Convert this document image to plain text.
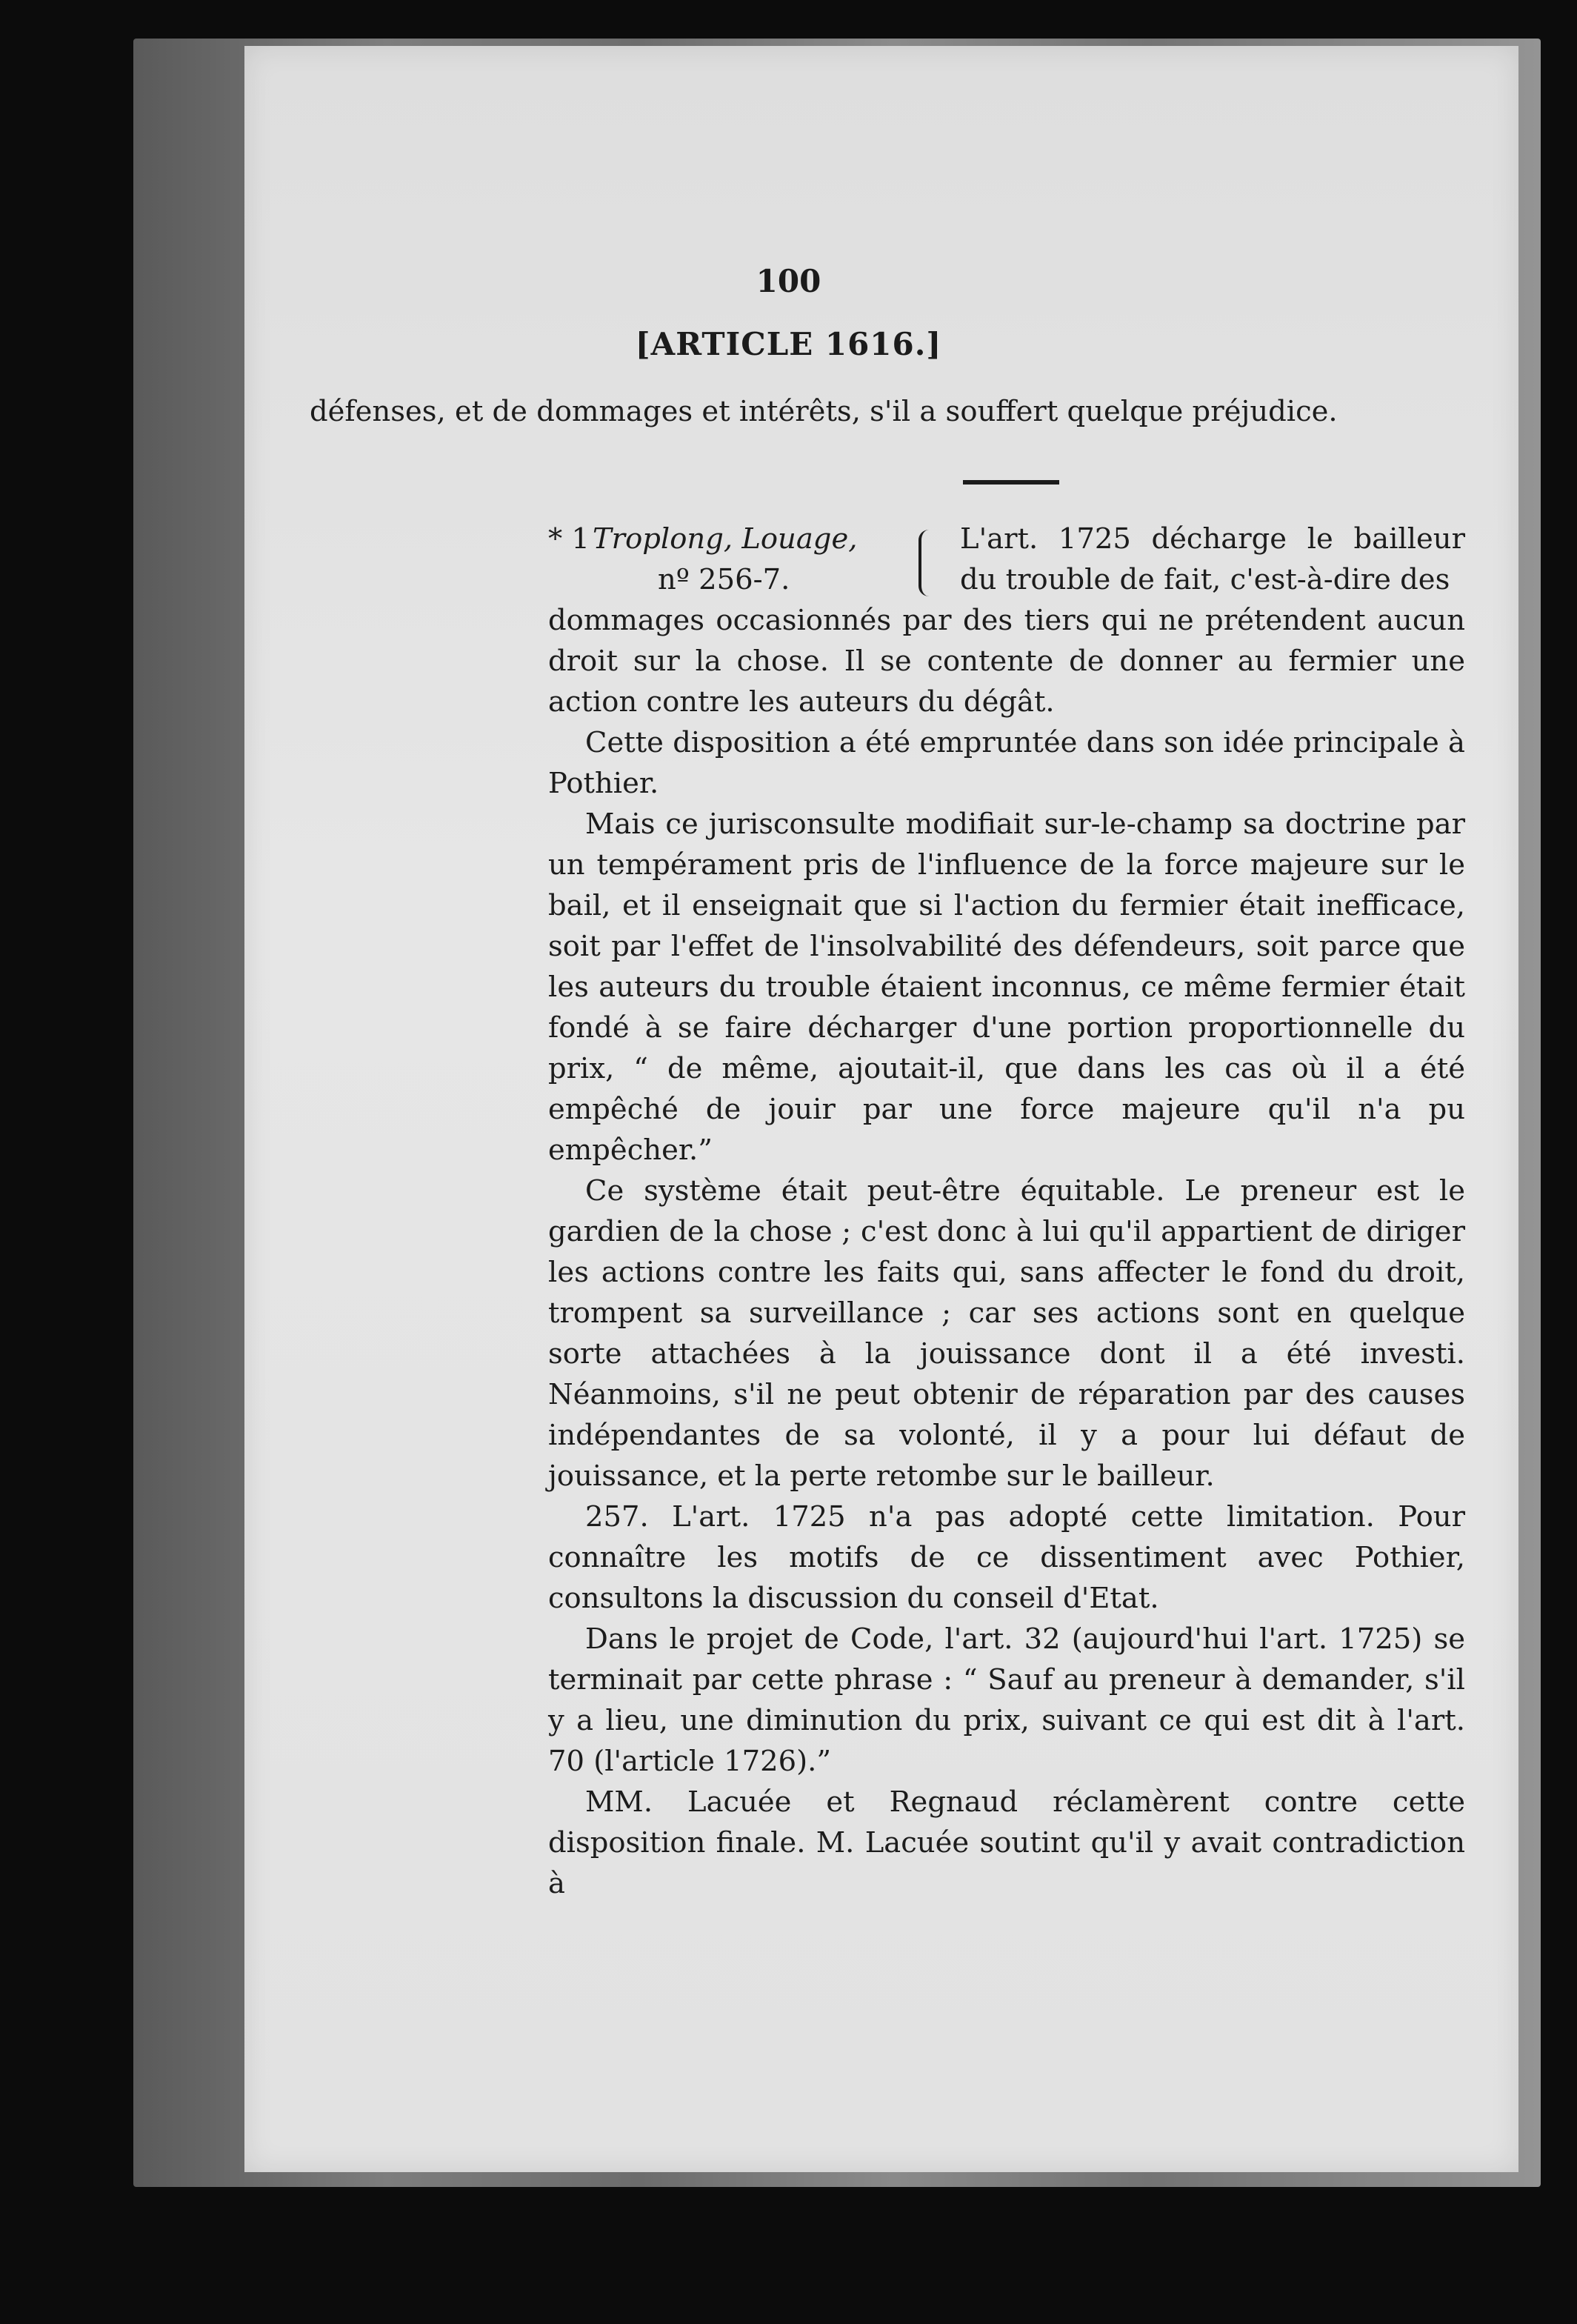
100
[ARTICLE 1616.]

défenses, et de dommages et intérêts, s'il a souffert quelque préjudice.

* 1 Troplong, Louage,
nº 256-7.
L'art. 1725 décharge le bailleur du trouble de fait, c'est-à-dire des

dommages occasionnés par des tiers qui ne prétendent aucun droit sur la chose. Il se contente de donner au fermier une action contre les auteurs du dégât.

Cette disposition a été empruntée dans son idée principale à Pothier.

Mais ce jurisconsulte modifiait sur-le-champ sa doctrine par un tempérament pris de l'influence de la force majeure sur le bail, et il enseignait que si l'action du fermier était inefficace, soit par l'effet de l'insolvabilité des défendeurs, soit parce que les auteurs du trouble étaient inconnus, ce même fermier était fondé à se faire décharger d'une portion proportionnelle du prix, “ de même, ajoutait-il, que dans les cas où il a été empêché de jouir par une force majeure qu'il n'a pu empêcher.”

Ce système était peut-être équitable. Le preneur est le gardien de la chose ; c'est donc à lui qu'il appartient de diriger les actions contre les faits qui, sans affecter le fond du droit, trompent sa surveillance ; car ses actions sont en quelque sorte attachées à la jouissance dont il a été investi. Néanmoins, s'il ne peut obtenir de réparation par des causes indépendantes de sa volonté, il y a pour lui défaut de jouissance, et la perte retombe sur le bailleur.

257. L'art. 1725 n'a pas adopté cette limitation. Pour connaître les motifs de ce dissentiment avec Pothier, consultons la discussion du conseil d'Etat.

Dans le projet de Code, l'art. 32 (aujourd'hui l'art. 1725) se terminait par cette phrase : “ Sauf au preneur à demander, s'il y a lieu, une diminution du prix, suivant ce qui est dit à l'art. 70 (l'article 1726).”

MM. Lacuée et Regnaud réclamèrent contre cette disposition finale. M. Lacuée soutint qu'il y avait contradiction à
